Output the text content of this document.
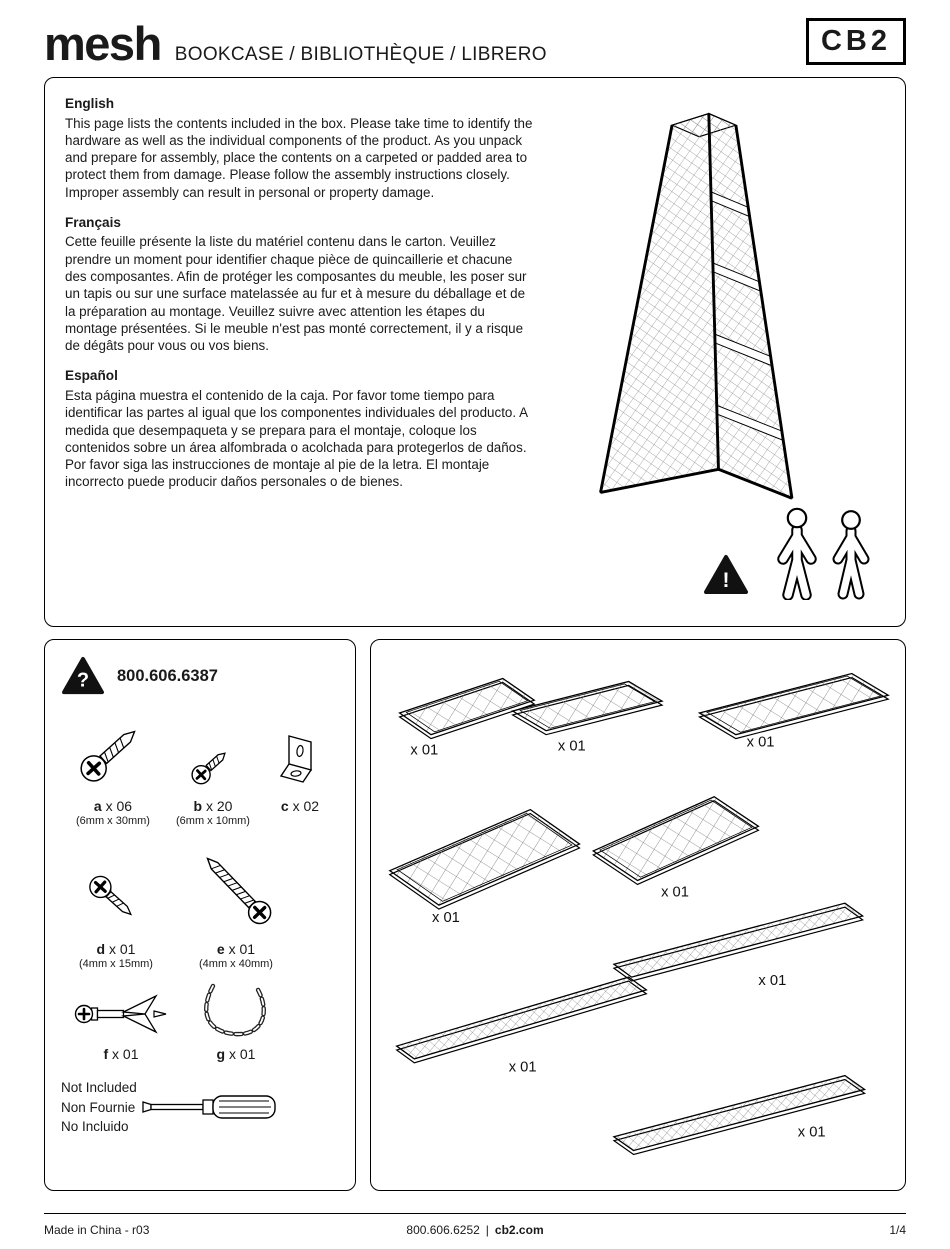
mesh BOOKCASE / BIBLIOTHÈQUE / LIBRERO	CB2
English

This page lists the contents included in the box. Please take time to identify the hardware as well as the individual components of the product. As you unpack and prepare for assembly, place the contents on a carpeted or padded area to protect them from damage. Please follow the assembly instructions closely. Improper assembly can result in personal or property damage.

Français

Cette feuille présente la liste du matériel contenu dans le carton. Veuillez prendre un moment pour identifier chaque pièce de quincaillerie et chacune des composantes. Afin de protéger les composantes du meuble, les poser sur un tapis ou sur une surface matelassée au fur et à mesure du déballage et de la préparation au montage. Veuillez suivre avec attention les étapes du montage présentées. Si le meuble n'est pas monté correctement, il y a risque de dégâts pour vous ou vos biens.

Español

Esta página muestra el contenido de la caja. Por favor tome tiempo para identificar las partes al igual que los componentes individuales del producto. A medida que desempaqueta y se prepara para el montaje, coloque los contenidos sobre un área alfombrada o acolchada para protegerlos de daños. Por favor siga las instrucciones de montaje al pie de la letra. El montaje incorrecto puede producir daños personales o de bienes.

!
? 800.606.6387
a x 06
(6mm x 30mm)
b x 20
(6mm x 10mm)
c x 02
d x 01
(4mm x 15mm)
e x 01
(4mm x 40mm)
f x 01	g x 01
Not Included
Non Fournie
No Incluido
x 01	x 01	x 01
x 01
x 01
x 01
x 01
x 01
Made in China - r03	800.606.6252 | cb2.com	1/4
